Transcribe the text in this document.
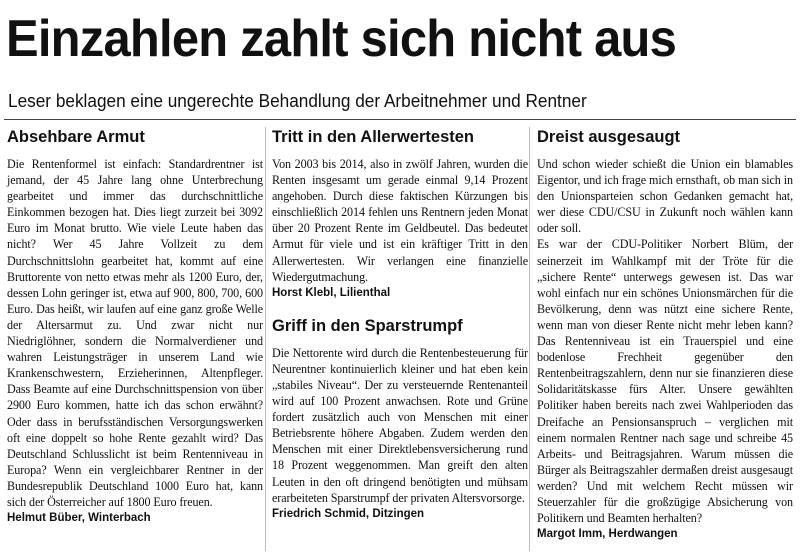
Einzahlen zahlt sich nicht aus
Leser beklagen eine ungerechte Behandlung der Arbeitnehmer und Rentner
Absehbare Armut

Die Rentenformel ist einfach: Standardrentner ist jemand, der 45 Jahre lang ohne Unterbrechung gearbeitet und immer das durchschnittliche Einkommen bezogen hat. Dies liegt zurzeit bei 3092 Euro im Monat brutto. Wie viele Leute haben das nicht? Wer 45 Jahre Vollzeit zu dem Durchschnittslohn gearbeitet hat, kommt auf eine Bruttorente von netto etwas mehr als 1200 Euro, der, dessen Lohn geringer ist, etwa auf 900, 800, 700, 600 Euro. Das heißt, wir laufen auf eine ganz große Welle der Altersarmut zu. Und zwar nicht nur Niedriglöhner, sondern die Normalverdiener und wahren Leistungsträger in unserem Land wie Krankenschwestern, Erzieherinnen, Altenpfleger. Dass Beamte auf eine Durchschnittspension von über 2900 Euro kommen, hatte ich das schon erwähnt? Oder dass in berufsständischen Versorgungswerken oft eine doppelt so hohe Rente gezahlt wird? Das Deutschland Schlusslicht ist beim Rentenniveau in Europa? Wenn ein vergleichbarer Rentner in der Bundesrepublik Deutschland 1000 Euro hat, kann sich der Österreicher auf 1800 Euro freuen.

Helmut Büber, Winterbach

Tritt in den Allerwertesten

Von 2003 bis 2014, also in zwölf Jahren, wurden die Renten insgesamt um gerade einmal 9,14 Prozent angehoben. Durch diese faktischen Kürzungen bis einschließlich 2014 fehlen uns Rentnern jeden Monat über 20 Prozent Rente im Geldbeutel. Das bedeutet Armut für viele und ist ein kräftiger Tritt in den Allerwertesten. Wir verlangen eine finanzielle Wiedergutmachung.

Horst Klebl, Lilienthal

Griff in den Sparstrumpf

Die Nettorente wird durch die Rentenbesteuerung für Neurentner kontinuierlich kleiner und hat eben kein „stabiles Niveau“. Der zu versteuernde Rentenanteil wird auf 100 Prozent anwachsen. Rote und Grüne fordert zusätzlich auch von Menschen mit einer Betriebsrente höhere Abgaben. Zudem werden den Menschen mit einer Direktlebensversicherung rund 18 Prozent weggenommen. Man greift den alten Leuten in den oft dringend benötigten und mühsam erarbeiteten Sparstrumpf der privaten Altersvorsorge.

Friedrich Schmid, Ditzingen

Dreist ausgesaugt

Und schon wieder schießt die Union ein blamables Eigentor, und ich frage mich ernsthaft, ob man sich in den Unionsparteien schon Gedanken gemacht hat, wer diese CDU/CSU in Zukunft noch wählen kann oder soll.
Es war der CDU-Politiker Norbert Blüm, der seinerzeit im Wahlkampf mit der Tröte für die „sichere Rente“ unterwegs gewesen ist. Das war wohl einfach nur ein schönes Unionsmärchen für die Bevölkerung, denn was nützt eine sichere Rente, wenn man von dieser Rente nicht mehr leben kann? Das Rentenniveau ist ein Trauerspiel und eine bodenlose Frechheit gegenüber den Rentenbeitragszahlern, denn nur sie finanzieren diese Solidaritätskasse fürs Alter. Unsere gewählten Politiker haben bereits nach zwei Wahlperioden das Dreifache an Pensionsanspruch – verglichen mit einem normalen Rentner nach sage und schreibe 45 Arbeits- und Beitragsjahren. Warum müssen die Bürger als Beitragszahler dermaßen dreist ausgesaugt werden? Und mit welchem Recht müssen wir Steuerzahler für die großzügige Absicherung von Politikern und Beamten herhalten?

Margot Imm, Herdwangen
